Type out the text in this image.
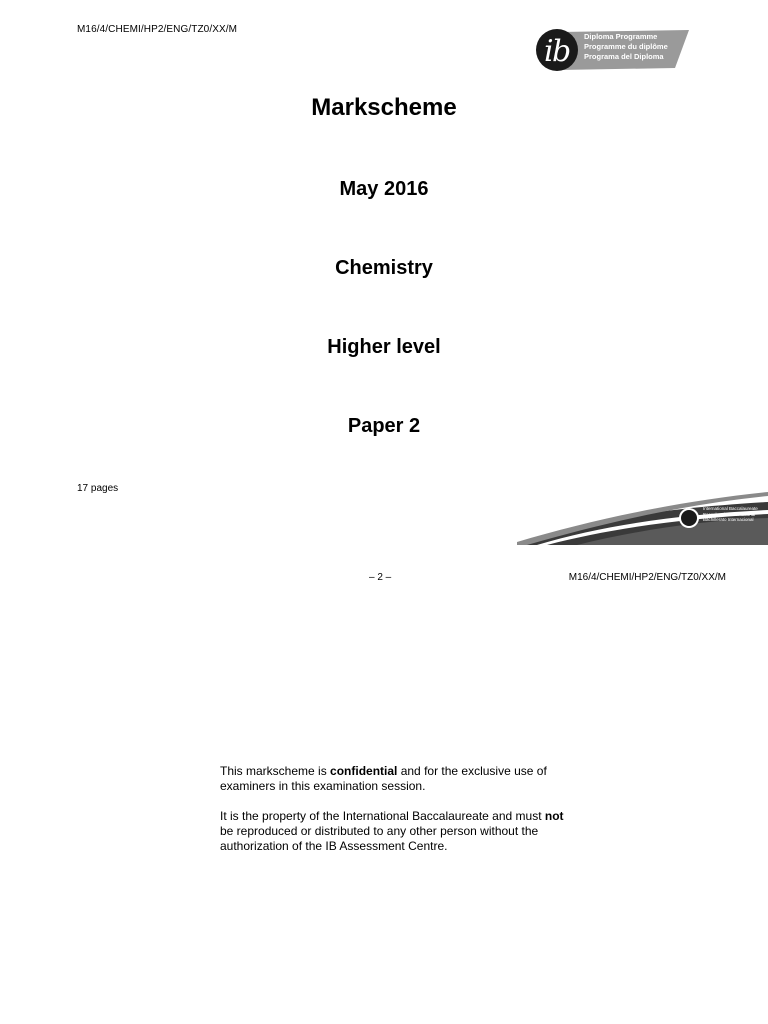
M16/4/CHEMI/HP2/ENG/TZ0/XX/M
i
b Diploma Programme
Programme du diplôme
Programa del Diploma
Markscheme
May 2016
Chemistry
Higher level
Paper 2
17 pages
International Baccalaureate
Baccalauréat International
Bachillerato Internacional
– 2 –	M16/4/CHEMI/HP2/ENG/TZ0/XX/M

This markscheme is confidential and for the exclusive use of examiners in this examination session.

It is the property of the International Baccalaureate and must not be reproduced or distributed to any other person without the authorization of the IB Assessment Centre.
